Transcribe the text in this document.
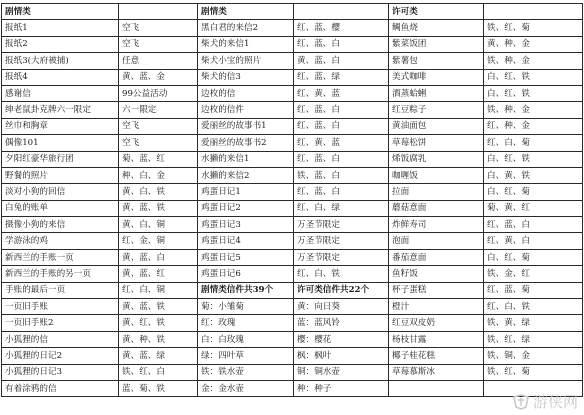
剧情类		剧情类		许可类	
报纸1	空飞	黑白君的来信2	红、蓝、樱	鲷鱼烧	铁、红、菊
报纸2	空飞	柴犬的来信1	红、蓝、白	紫菜饭团	黄、种、金
报纸3(大府被捕)	任意	柴犬小宝的照片	黄、蓝、白	紫薯包	铁、种、金
报纸4	黄、蓝、金	柴犬的信3	红、蓝、绿	美式咖啡	白、红、铁
感谢信	99公益活动	边枚的信	红、黄、蓝	酒蒸蛤蜊	白、红、铁
绅老鼠卦克牌六一限定	六一限定	边枚的信件	红、蓝、白	红豆粽子	铁、种、金
丝巾和胸章	空飞	爱丽丝的故事书1	红、蓝、白	黄油面包	红、种、金
偶像101	空飞	爱丽丝的故事书2	红、黄、蓝	草莓松饼	红、白、菊
夕阳红豪华旅行团	菊、蓝、红	水獭的来信1	红、蓝、白	烯饭腐乳	白、红、铁
野餐的照片	种、白、金	水獭的来信2	铁、蓝、白	咖喱饭	白、黄、铁
淡对小狗的回信	黄、白、铁	鸡蛋日记1	红、蓝、白	拉面	白、红、菊
白兔的账单	黄、蓝、铁	鸡蛋日记2	红、白、绿	蘑菇意面	菊、黄、红
摄像小狗的来信	黄、白、铜	鸡蛋日记3	万圣节限定	炸鲜寿司	红、蓝、白
学游泳的鸡	红、金、铜	鸡蛋日记4	万圣节限定	泡面	红、黄、白
新西兰的手账一页	黄、蓝、白	鸡蛋日记5	万圣节限定	番茄意面	白、红、菊
新西兰的手账的另一页	黄、蓝、红	鸡蛋日记6	红、白、铁	鱼籽饭	铁、金、红
手账的最后一页	红、白、铜	剧情类信件共39个	许可类信件共22个	杯子蛋糕	红、蓝、菊
一页旧手账	黄、蓝、铁	菊：小雏菊	黄：向日葵	橙汁	红、白、铁
一页旧手账2	黄、红、铁	红：玫瑰	蓝：蓝风铃	红豆双皮奶	铁、黄、绿
小狐狸的信	黄、种、铁	白：白玫瑰	樱：樱花	杨枝甘露	铁、红、绿
小狐狸的日记2	黄、蓝、绿	绿：四叶草	枫：枫叶	椰子桂花糕	铁、铜、金
小狐狸的日记3	铁、红、白	铁：铁水壶	铜：铜水壶	草莓慕斯冰	铁、红、菊
有着涂鸦的信	蓝、菊、铁	金：金水壶	种：种子		
游侠网
